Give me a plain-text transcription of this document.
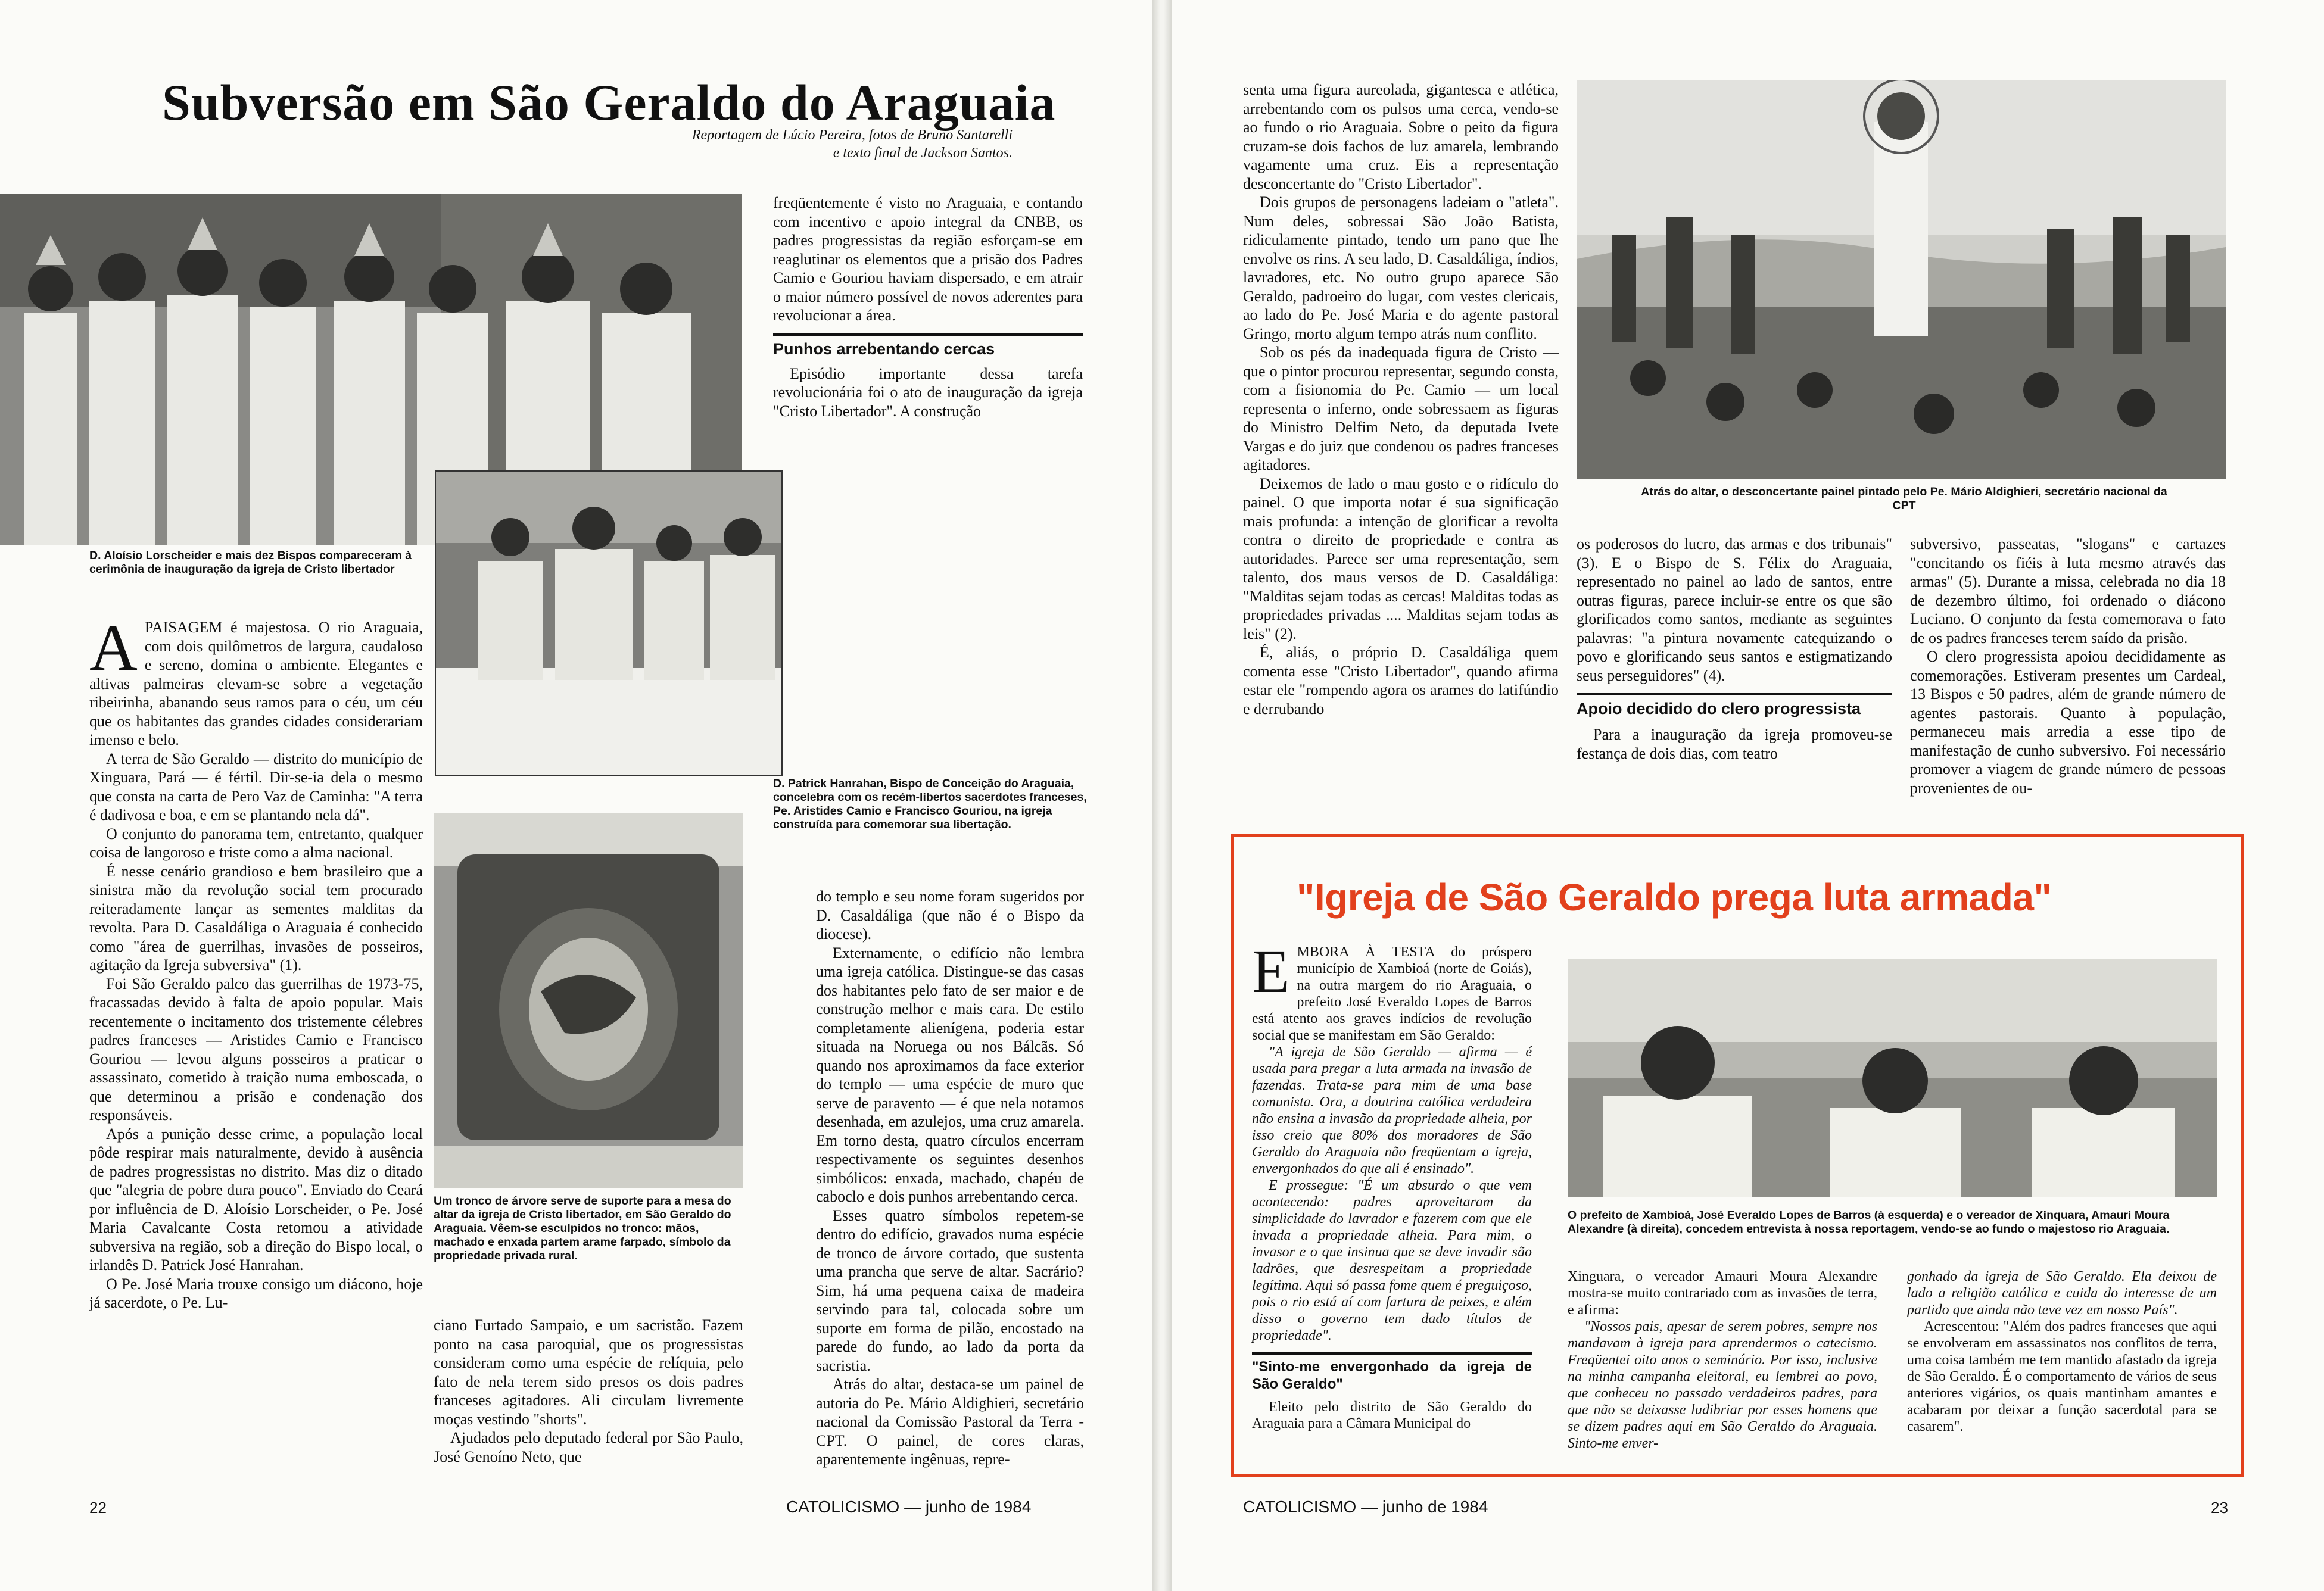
Subversão em São Geraldo do Araguaia
Reportagem de Lúcio Pereira, fotos de Bruno Santarelli
e texto final de Jackson Santos.
D. Aloísio Lorscheider e mais dez Bispos compareceram à cerimônia de inauguração da igreja de Cristo libertador
D. Patrick Hanrahan, Bispo de Conceição do Araguaia, concelebra com os recém-libertos sacerdotes franceses, Pe. Aristides Camio e Francisco Gouriou, na igreja construída para comemorar sua libertação.
Um tronco de árvore serve de suporte para a mesa do altar da igreja de Cristo libertador, em São Geraldo do Araguaia. Vêem-se esculpidos no tronco: mãos, machado e enxada partem arame farpado, símbolo da propriedade privada rural.

APAISAGEM é majestosa. O rio Araguaia, com dois quilômetros de largura, caudaloso e sereno, domina o ambiente. Elegantes e altivas palmeiras elevam-se sobre a vegetação ribeirinha, abanando seus ramos para o céu, um céu que os habitantes das grandes cidades considerariam imenso e belo.

A terra de São Geraldo — distrito do município de Xinguara, Pará — é fértil. Dir-se-ia dela o mesmo que consta na carta de Pero Vaz de Caminha: "A terra é dadivosa e boa, e em se plantando nela dá".

O conjunto do panorama tem, entretanto, qualquer coisa de langoroso e triste como a alma nacional.

É nesse cenário grandioso e bem brasileiro que a sinistra mão da revolução social tem procurado reiteradamente lançar as sementes malditas da revolta. Para D. Casaldáliga o Araguaia é conhecido como "área de guerrilhas, invasões de posseiros, agitação da Igreja subversiva" (1).

Foi São Geraldo palco das guerrilhas de 1973-75, fracassadas devido à falta de apoio popular. Mais recentemente o incitamento dos tristemente célebres padres franceses — Aristides Camio e Francisco Gouriou — levou alguns posseiros a praticar o assassinato, cometido à traição numa emboscada, o que determinou a prisão e condenação dos responsáveis.

Após a punição desse crime, a população local pôde respirar mais naturalmente, devido à ausência de padres progressistas no distrito. Mas diz o ditado que "alegria de pobre dura pouco". Enviado do Ceará por influência de D. Aloísio Lorscheider, o Pe. José Maria Cavalcante Costa retomou a atividade subversiva na região, sob a direção do Bispo local, o irlandês D. Patrick José Hanrahan.

O Pe. José Maria trouxe consigo um diácono, hoje já sacerdote, o Pe. Lu-

ciano Furtado Sampaio, e um sacristão. Fazem ponto na casa paroquial, que os progressistas consideram como uma espécie de relíquia, pelo fato de nela terem sido presos os dois padres franceses agitadores. Ali circulam livremente moças vestindo "shorts".

Ajudados pelo deputado federal por São Paulo, José Genoíno Neto, que

freqüentemente é visto no Araguaia, e contando com incentivo e apoio integral da CNBB, os padres progressistas da região esforçam-se em reaglutinar os elementos que a prisão dos Padres Camio e Gouriou haviam dispersado, e em atrair o maior número possível de novos aderentes para revolucionar a área.

Punhos arrebentando cercas

Episódio importante dessa tarefa revolucionária foi o ato de inauguração da igreja "Cristo Libertador". A construção

do templo e seu nome foram sugeridos por D. Casaldáliga (que não é o Bispo da diocese).

Externamente, o edifício não lembra uma igreja católica. Distingue-se das casas dos habitantes pelo fato de ser maior e de construção melhor e mais cara. De estilo completamente alienígena, poderia estar situada na Noruega ou nos Bálcãs. Só quando nos aproximamos da face exterior do templo — uma espécie de muro que serve de paravento — é que nela notamos desenhada, em azulejos, uma cruz amarela. Em torno desta, quatro círculos encerram respectivamente os seguintes desenhos simbólicos: enxada, machado, chapéu de caboclo e dois punhos arrebentando cerca.

Esses quatro símbolos repetem-se dentro do edifício, gravados numa espécie de tronco de árvore cortado, que sustenta uma prancha que serve de altar. Sacrário? Sim, há uma pequena caixa de madeira servindo para tal, colocada sobre um suporte em forma de pilão, encostado na parede do fundo, ao lado da porta da sacristia.

Atrás do altar, destaca-se um painel de autoria do Pe. Mário Aldighieri, secretário nacional da Comissão Pastoral da Terra - CPT. O painel, de cores claras, aparentemente ingênuas, repre-

22	CATOLICISMO — junho de 1984

senta uma figura aureolada, gigantesca e atlética, arrebentando com os pulsos uma cerca, vendo-se ao fundo o rio Araguaia. Sobre o peito da figura cruzam-se dois fachos de luz amarela, lembrando vagamente uma cruz. Eis a representação desconcertante do "Cristo Libertador".

Dois grupos de personagens ladeiam o "atleta". Num deles, sobressai São João Batista, ridiculamente pintado, tendo um pano que lhe envolve os rins. A seu lado, D. Casaldáliga, índios, lavradores, etc. No outro grupo aparece São Geraldo, padroeiro do lugar, com vestes clericais, ao lado do Pe. José Maria e do agente pastoral Gringo, morto algum tempo atrás num conflito.

Sob os pés da inadequada figura de Cristo — que o pintor procurou representar, segundo consta, com a fisionomia do Pe. Camio — um local representa o inferno, onde sobressaem as figuras do Ministro Delfim Neto, da deputada Ivete Vargas e do juiz que condenou os padres franceses agitadores.

Deixemos de lado o mau gosto e o ridículo do painel. O que importa notar é sua significação mais profunda: a intenção de glorificar a revolta contra o direito de propriedade e contra as autoridades. Parece ser uma representação, sem talento, dos maus versos de D. Casaldáliga: "Malditas sejam todas as cercas! Malditas todas as propriedades privadas .... Malditas sejam todas as leis" (2).

É, aliás, o próprio D. Casaldáliga quem comenta esse "Cristo Libertador", quando afirma estar ele "rompendo agora os arames do latifúndio e derrubando

Atrás do altar, o desconcertante painel pintado pelo Pe. Mário Aldighieri, secretário nacional da CPT

os poderosos do lucro, das armas e dos tribunais" (3). E o Bispo de S. Félix do Araguaia, representado no painel ao lado de santos, entre outras figuras, parece incluir-se entre os que são glorificados como santos, mediante as seguintes palavras: "a pintura novamente catequizando o povo e glorificando seus santos e estigmatizando seus perseguidores" (4).

Apoio decidido do clero progressista

Para a inauguração da igreja promoveu-se festança de dois dias, com teatro

subversivo, passeatas, "slogans" e cartazes "concitando os fiéis à luta mesmo através das armas" (5). Durante a missa, celebrada no dia 18 de dezembro último, foi ordenado o diácono Luciano. O conjunto da festa comemorava o fato de os padres franceses terem saído da prisão.

O clero progressista apoiou decididamente as comemorações. Estiveram presentes um Cardeal, 13 Bispos e 50 padres, além de grande número de agentes pastorais. Quanto à população, permaneceu mais arredia a esse tipo de manifestação de cunho subversivo. Foi necessário promover a viagem de grande número de pessoas provenientes de ou-

"Igreja de São Geraldo prega luta armada"

EMBORA À TESTA do próspero município de Xambioá (norte de Goiás), na outra margem do rio Araguaia, o prefeito José Everaldo Lopes de Barros está atento aos graves indícios de revolução social que se manifestam em São Geraldo:

"A igreja de São Geraldo — afirma — é usada para pregar a luta armada na invasão de fazendas. Trata-se para mim de uma base comunista. Ora, a doutrina católica verdadeira não ensina a invasão da propriedade alheia, por isso creio que 80% dos moradores de São Geraldo do Araguaia não freqüentam a igreja, envergonhados do que ali é ensinado".

E prossegue: "É um absurdo o que vem acontecendo: padres aproveitaram da simplicidade do lavrador e fazerem com que ele invada a propriedade alheia. Para mim, o invasor e o que insinua que se deve invadir são ladrões, que desrespeitam a propriedade legítima. Aqui só passa fome quem é preguiçoso, pois o rio está aí com fartura de peixes, e além disso o governo tem dado títulos de propriedade".

"Sinto-me envergonhado da igreja de São Geraldo"

Eleito pelo distrito de São Geraldo do Araguaia para a Câmara Municipal do

O prefeito de Xambioá, José Everaldo Lopes de Barros (à esquerda) e o vereador de Xinquara, Amauri Moura Alexandre (à direita), concedem entrevista à nossa reportagem, vendo-se ao fundo o majestoso rio Araguaia.

Xinguara, o vereador Amauri Moura Alexandre mostra-se muito contrariado com as invasões de terra, e afirma:

"Nossos pais, apesar de serem pobres, sempre nos mandavam à igreja para aprendermos o catecismo. Freqüentei oito anos o seminário. Por isso, inclusive na minha campanha eleitoral, eu lembrei ao povo, que conheceu no passado verdadeiros padres, para que não se deixasse ludibriar por esses homens que se dizem padres aqui em São Geraldo do Araguaia. Sinto-me enver-

gonhado da igreja de São Geraldo. Ela deixou de lado a religião católica e cuida do interesse de um partido que ainda não teve vez em nosso País".

Acrescentou: "Além dos padres franceses que aqui se envolveram em assassinatos nos conflitos de terra, uma coisa também me tem mantido afastado da igreja de São Geraldo. É o comportamento de vários de seus anteriores vigários, os quais mantinham amantes e acabaram por deixar a função sacerdotal para se casarem".

CATOLICISMO — junho de 1984	23
